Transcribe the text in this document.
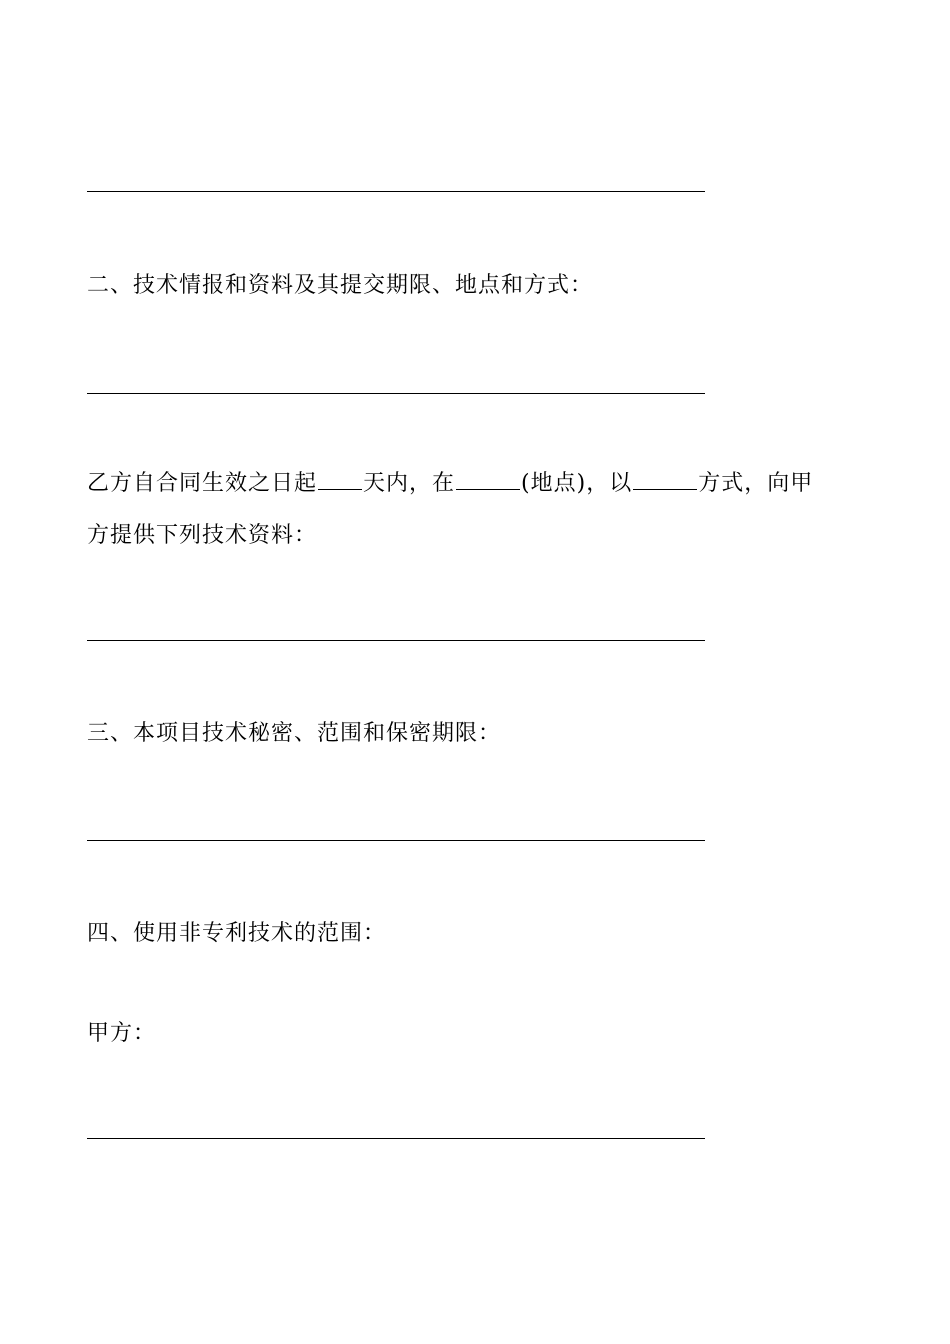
二、技术情报和资料及其提交期限、地点和方式：
乙方自合同生效之日起 天内，在	(地点)，以	方式，向甲
方提供下列技术资料：
三、本项目技术秘密、范围和保密期限：
四、使用非专利技术的范围：
甲方：
